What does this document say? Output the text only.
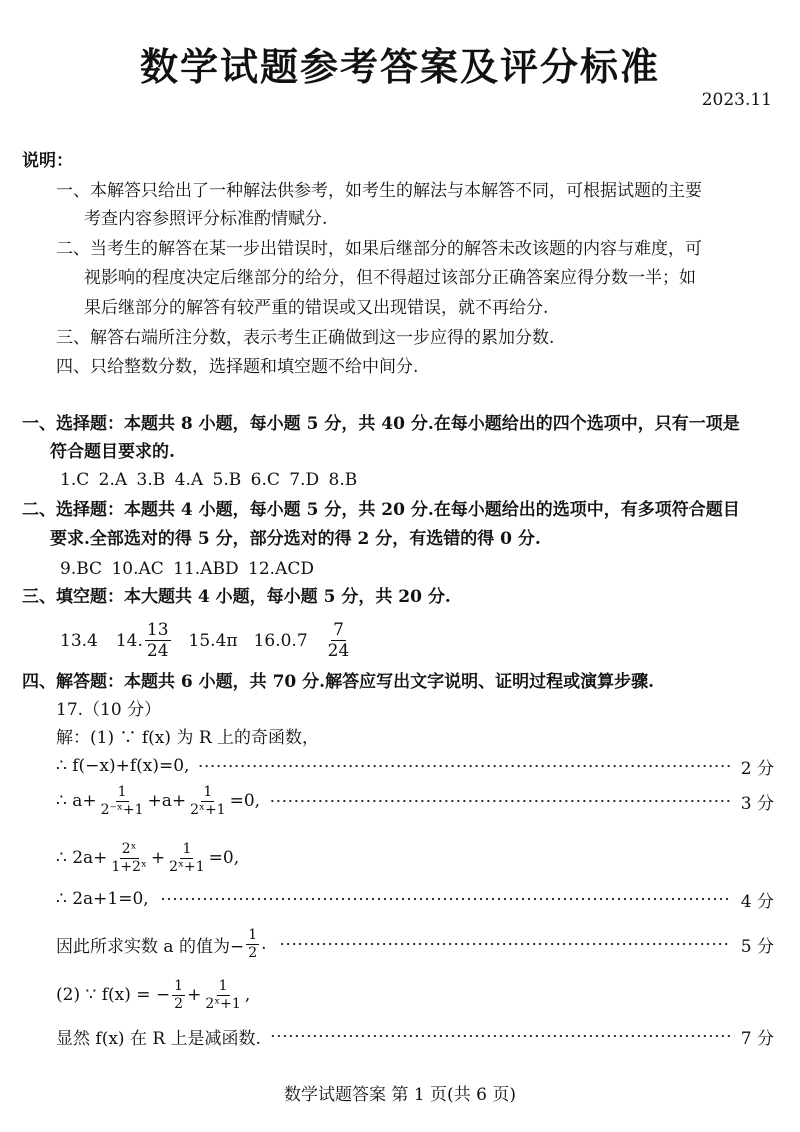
数学试题参考答案及评分标准
2023.11
说明：
一、本解答只给出了一种解法供参考，如考生的解法与本解答不同，可根据试题的主要
考查内容参照评分标准酌情赋分.
二、当考生的解答在某一步出错误时，如果后继部分的解答未改该题的内容与难度，可
视影响的程度决定后继部分的给分，但不得超过该部分正确答案应得分数一半；如
果后继部分的解答有较严重的错误或又出现错误，就不再给分.
三、解答右端所注分数，表示考生正确做到这一步应得的累加分数.
四、只给整数分数，选择题和填空题不给中间分.
一、选择题：本题共 8 小题，每小题 5 分，共 40 分.在每小题给出的四个选项中，只有一项是
符合题目要求的.
1.C 2.A 3.B 4.A 5.B 6.C 7.D 8.B
二、选择题：本题共 4 小题，每小题 5 分，共 20 分.在每小题给出的选项中，有多项符合题目
要求.全部选对的得 5 分，部分选对的得 2 分，有选错的得 0 分.
9.BC 10.AC 11.ABD 12.ACD
三、填空题：本大题共 4 小题，每小题 5 分，共 20 分.
13.4 14. $\frac{13}{24} 15.4\pi$ $16.0.7 \frac{7}{24}$
四、解答题：本题共 6 小题，共 70 分.解答应写出文字说明、证明过程或演算步骤.
17.（10 分）
解：(1) ∵ f(x) 为 R 上的奇函数，
∴ f(−x)+f(x)=0,	2 分
∴ $a+ \frac{1}{\text{2⁻ˣ+1}} +a+ \frac{1}{\text{2ˣ+1}} =0$,	3 分
∴ $2a+ \frac{\text{2ˣ}}{\text{1+2ˣ}} + \frac{1}{\text{2ˣ+1}} =0$,
∴ 2a+1=0,	4 分
因此所求实数 a 的值为− $\frac{1}{2}$ .	5 分
(2) ∵ f(x) = − $\frac{1}{2} + \frac{1}{\text{2ˣ+1}}$ ,
显然 f(x) 在 R 上是减函数.	7 分
数学试题答案 第 1 页(共 6 页)
